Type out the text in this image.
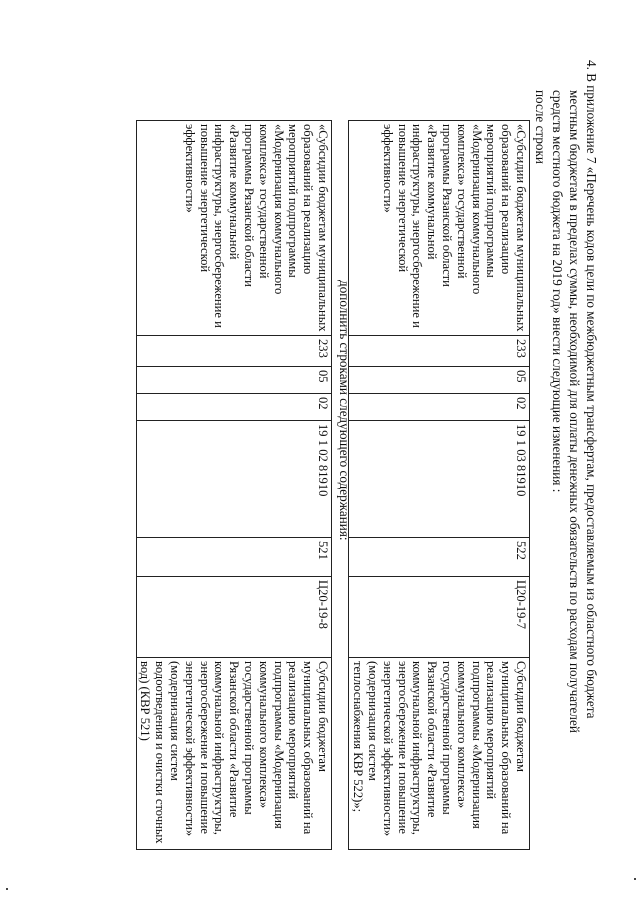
4. В приложение 7 «Перечень кодов цели по межбюджетным трансфертам, предоставляемым из областного бюджета

местным бюджетам в пределах суммы, необходимой для оплаты денежных обязательств по расходам получателей

средств местного бюджета на 2019 год» внести следующие изменения :

после строки

«Субсидии бюджетам муниципальных образований на реализацию мероприятий подпрограммы «Модернизация коммунального комплекса» государственной программы Рязанской области «Развитие коммунальной инфраструктуры, энергосбережение и повышение энергетической эффективности»	233	05	02	19 1 03 81910	522	Ц20-19-7	Субсидии бюджетам муниципальных образований на реализацию мероприятий подпрограммы «Модернизация коммунального комплекса» государственной программы Рязанской области «Развитие коммунальной инфраструктуры, энергосбережение и повышение энергетической эффективности» (модернизация систем теплоснабжения КВР 522)»;
дополнить строками следующего содержания:
«Субсидии бюджетам муниципальных образований на реализацию мероприятий подпрограммы «Модернизация коммунального комплекса» государственной программы Рязанской области «Развитие коммунальной инфраструктуры, энергосбережение и повышение энергетической эффективности»	233	05	02	19 1 02 81910	521	Ц20-19-8	Субсидии бюджетам муниципальных образований на реализацию мероприятий подпрограммы «Модернизация коммунального комплекса» государственной программы Рязанской области «Развитие коммунальной инфраструктуры, энергосбережение и повышение энергетической эффективности» (модернизация систем водоотведения и очистки сточных вод) (КВР 521)
